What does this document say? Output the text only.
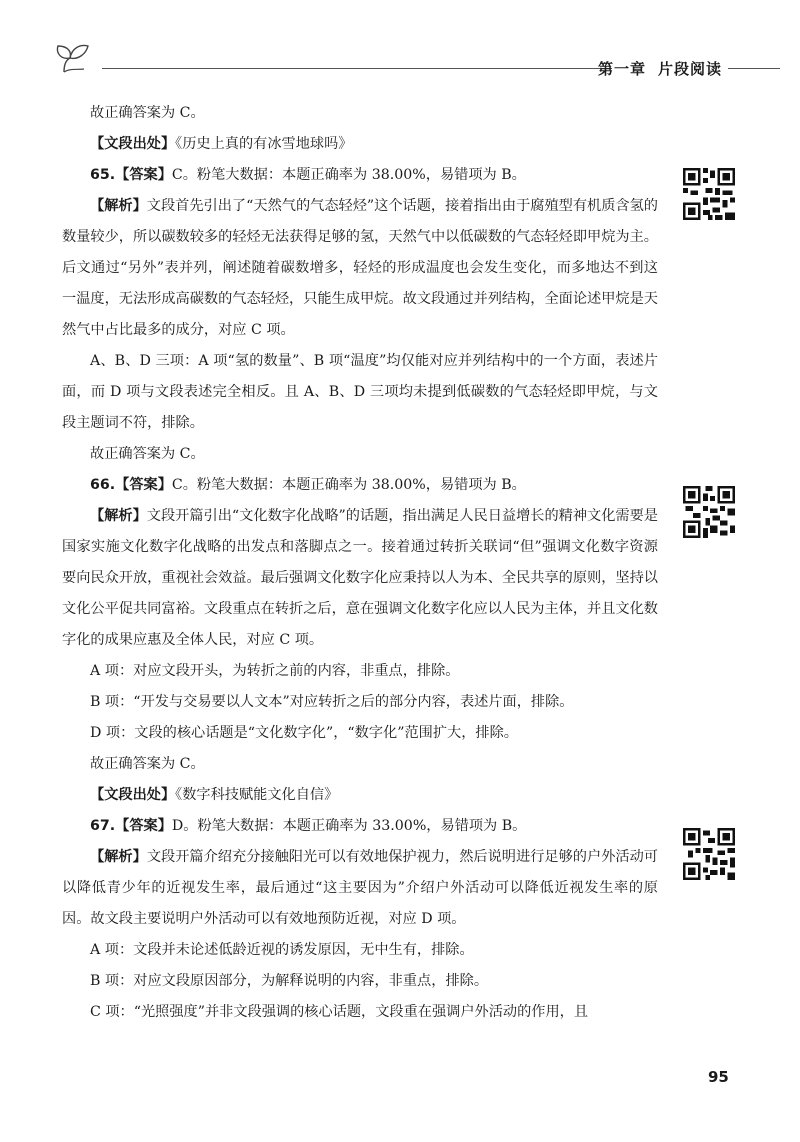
第一章 片段阅读

故正确答案为 C。

【文段出处】《历史上真的有冰雪地球吗》

65.【答案】C。粉笔大数据：本题正确率为 38.00%，易错项为 B。

【解析】文段首先引出了“天然气的气态轻烃”这个话题，接着指出由于腐殖型有机质含氢的数量较少，所以碳数较多的轻烃无法获得足够的氢，天然气中以低碳数的气态轻烃即甲烷为主。后文通过“另外”表并列，阐述随着碳数增多，轻烃的形成温度也会发生变化，而多地达不到这一温度，无法形成高碳数的气态轻烃，只能生成甲烷。故文段通过并列结构，全面论述甲烷是天然气中占比最多的成分，对应 C 项。

A、B、D 三项：A 项“氢的数量”、B 项“温度”均仅能对应并列结构中的一个方面，表述片面，而 D 项与文段表述完全相反。且 A、B、D 三项均未提到低碳数的气态轻烃即甲烷，与文段主题词不符，排除。

故正确答案为 C。

66.【答案】C。粉笔大数据：本题正确率为 38.00%，易错项为 B。

【解析】文段开篇引出“文化数字化战略”的话题，指出满足人民日益增长的精神文化需要是国家实施文化数字化战略的出发点和落脚点之一。接着通过转折关联词“但”强调文化数字资源要向民众开放，重视社会效益。最后强调文化数字化应秉持以人为本、全民共享的原则，坚持以文化公平促共同富裕。文段重点在转折之后，意在强调文化数字化应以人民为主体，并且文化数字化的成果应惠及全体人民，对应 C 项。

A 项：对应文段开头，为转折之前的内容，非重点，排除。

B 项：“开发与交易要以人文本”对应转折之后的部分内容，表述片面，排除。

D 项：文段的核心话题是“文化数字化”，“数字化”范围扩大，排除。

故正确答案为 C。

【文段出处】《数字科技赋能文化自信》

67.【答案】D。粉笔大数据：本题正确率为 33.00%，易错项为 B。

【解析】文段开篇介绍充分接触阳光可以有效地保护视力，然后说明进行足够的户外活动可以降低青少年的近视发生率，最后通过“这主要因为”介绍户外活动可以降低近视发生率的原因。故文段主要说明户外活动可以有效地预防近视，对应 D 项。

A 项：文段并未论述低龄近视的诱发原因，无中生有，排除。

B 项：对应文段原因部分，为解释说明的内容，非重点，排除。

C 项：“光照强度”并非文段强调的核心话题，文段重在强调户外活动的作用，且

95
